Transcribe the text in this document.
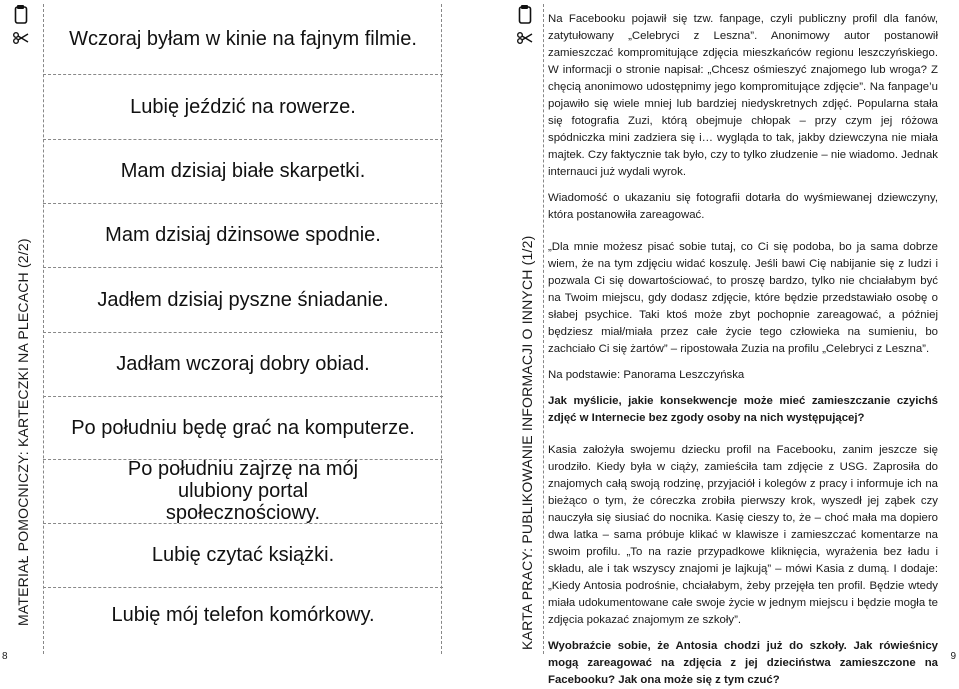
MATERIAŁ POMOCNICZY: KARTECZKI NA PLECACH (2/2)
8
Wczoraj byłam w kinie na fajnym filmie.
Lubię jeździć na rowerze.
Mam dzisiaj białe skarpetki.
Mam dzisiaj dżinsowe spodnie.
Jadłem dzisiaj pyszne śniadanie.
Jadłam wczoraj dobry obiad.
Po południu będę grać na komputerze.
Po południu zajrzę na mój ulubiony portal społecznościowy.
Lubię czytać książki.
Lubię mój telefon komórkowy.	KARTA PRACY: PUBLIKOWANIE INFORMACJI O INNYCH (1/2)
9

Na Facebooku pojawił się tzw. fanpage, czyli publiczny profil dla fanów, zatytułowany „Celebryci z Leszna”. Anonimowy autor postanowił zamieszczać kompromitujące zdjęcia mieszkańców regionu leszczyńskiego. W informacji o stronie napisał: „Chcesz ośmieszyć znajomego lub wroga? Z chęcią anonimowo udostępnimy jego kompromitujące zdjęcie”. Na fanpage’u pojawiło się wiele mniej lub bardziej niedyskretnych zdjęć. Popularna stała się fotografia Zuzi, którą obejmuje chłopak – przy czym jej różowa spódniczka mini zadziera się i… wygląda to tak, jakby dziewczyna nie miała majtek. Czy faktycznie tak było, czy to tylko złudzenie – nie wiadomo. Jednak internauci już wydali wyrok.

Wiadomość o ukazaniu się fotografii dotarła do wyśmiewanej dziewczyny, która postanowiła zareagować.

„Dla mnie możesz pisać sobie tutaj, co Ci się podoba, bo ja sama dobrze wiem, że na tym zdjęciu widać koszulę. Jeśli bawi Cię nabijanie się z ludzi i pozwala Ci się dowartościować, to proszę bardzo, tylko nie chciałabym być na Twoim miejscu, gdy dodasz zdjęcie, które będzie przedstawiało osobę o słabej psychice. Taki ktoś może zbyt pochopnie zareagować, a później będziesz miał/miała przez całe życie tego człowieka na sumieniu, bo zachciało Ci się żartów” – ripostowała Zuzia na profilu „Celebryci z Leszna”.

Na podstawie: Panorama Leszczyńska

Jak myślicie, jakie konsekwencje może mieć zamieszczanie czyichś zdjęć w Internecie bez zgody osoby na nich występującej?

Kasia założyła swojemu dziecku profil na Facebooku, zanim jeszcze się urodziło. Kiedy była w ciąży, zamieściła tam zdjęcie z USG. Zaprosiła do znajomych całą swoją rodzinę, przyjaciół i kolegów z pracy i informuje ich na bieżąco o tym, że córeczka zrobiła pierwszy krok, wyszedł jej ząbek czy nauczyła się siusiać do nocnika. Kasię cieszy to, że – choć mała ma dopiero dwa latka – sama próbuje klikać w klawisze i zamieszczać komentarze na swoim profilu. „To na razie przypadkowe kliknięcia, wyrażenia bez ładu i składu, ale i tak wszyscy znajomi je lajkują” – mówi Kasia z dumą. I dodaje: „Kiedy Antosia podrośnie, chciałabym, żeby przejęła ten profil. Będzie wtedy miała udokumentowane całe swoje życie w jednym miejscu i będzie mogła te zdjęcia pokazać znajomym ze szkoły”.

Wyobraźcie sobie, że Antosia chodzi już do szkoły. Jak rówieśnicy mogą zareagować na zdjęcia z jej dzieciństwa zamieszczone na Facebooku? Jak ona może się z tym czuć?
